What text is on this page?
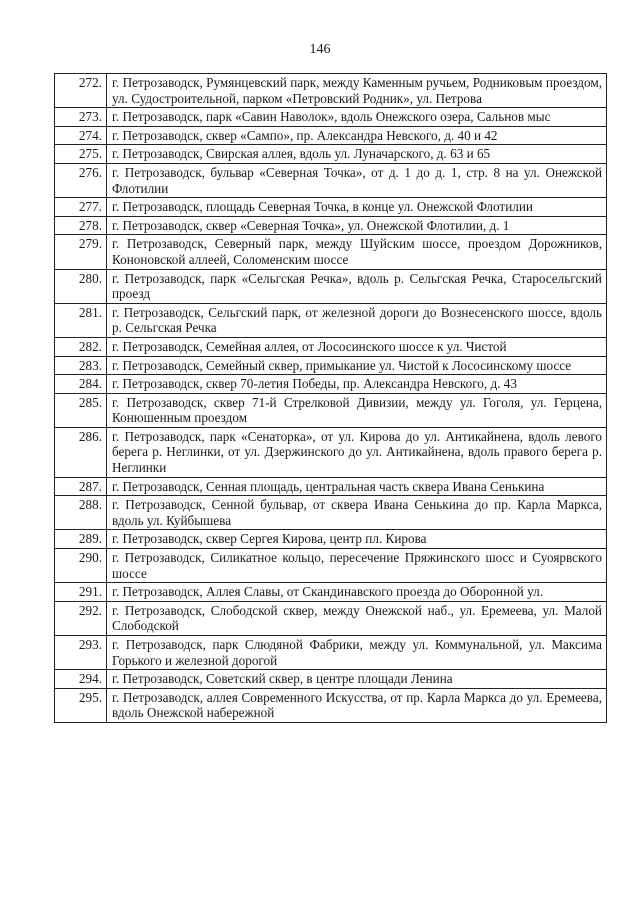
146
272.	г. Петрозаводск, Румянцевский парк, между Каменным ручьем, Родниковым проездом, ул. Судостроительной, парком «Петровский Родник», ул. Петрова
273.	г. Петрозаводск, парк «Савин Наволок», вдоль Онежского озера, Сальнов мыс
274.	г. Петрозаводск, сквер «Сампо», пр. Александра Невского, д. 40 и 42
275.	г. Петрозаводск, Свирская аллея, вдоль ул. Луначарского, д. 63 и 65
276.	г. Петрозаводск, бульвар «Северная Точка», от д. 1 до д. 1, стр. 8 на ул. Онежской Флотилии
277.	г. Петрозаводск, площадь Северная Точка, в конце ул. Онежской Флотилии
278.	г. Петрозаводск, сквер «Северная Точка», ул. Онежской Флотилии, д. 1
279.	г. Петрозаводск, Северный парк, между Шуйским шоссе, проездом Дорожников, Кононовской аллеей, Соломенским шоссе
280.	г. Петрозаводск, парк «Сельгская Речка», вдоль р. Сельгская Речка, Старосельгский проезд
281.	г. Петрозаводск, Сельгский парк, от железной дороги до Вознесенского шоссе, вдоль р. Сельгская Речка
282.	г. Петрозаводск, Семейная аллея, от Лососинского шоссе к ул. Чистой
283.	г. Петрозаводск, Семейный сквер, примыкание ул. Чистой к Лососинскому шоссе
284.	г. Петрозаводск, сквер 70-летия Победы, пр. Александра Невского, д. 43
285.	г. Петрозаводск, сквер 71-й Стрелковой Дивизии, между ул. Гоголя, ул. Герцена, Конюшенным проездом
286.	г. Петрозаводск, парк «Сенаторка», от ул. Кирова до ул. Антикайнена, вдоль левого берега р. Неглинки, от ул. Дзержинского до ул. Антикайнена, вдоль правого берега р. Неглинки
287.	г. Петрозаводск, Сенная площадь, центральная часть сквера Ивана Сенькина
288.	г. Петрозаводск, Сенной бульвар, от сквера Ивана Сенькина до пр. Карла Маркса, вдоль ул. Куйбышева
289.	г. Петрозаводск, сквер Сергея Кирова, центр пл. Кирова
290.	г. Петрозаводск, Силикатное кольцо, пересечение Пряжинского шосс и Суоярвского шоссе
291.	г. Петрозаводск, Аллея Славы, от Скандинавского проезда до Оборонной ул.
292.	г. Петрозаводск, Слободской сквер, между Онежской наб., ул. Еремеева, ул. Малой Слободской
293.	г. Петрозаводск, парк Слюдяной Фабрики, между ул. Коммунальной, ул. Максима Горького и железной дорогой
294.	г. Петрозаводск, Советский сквер, в центре площади Ленина
295.	г. Петрозаводск, аллея Современного Искусства, от пр. Карла Маркса до ул. Еремеева, вдоль Онежской набережной
